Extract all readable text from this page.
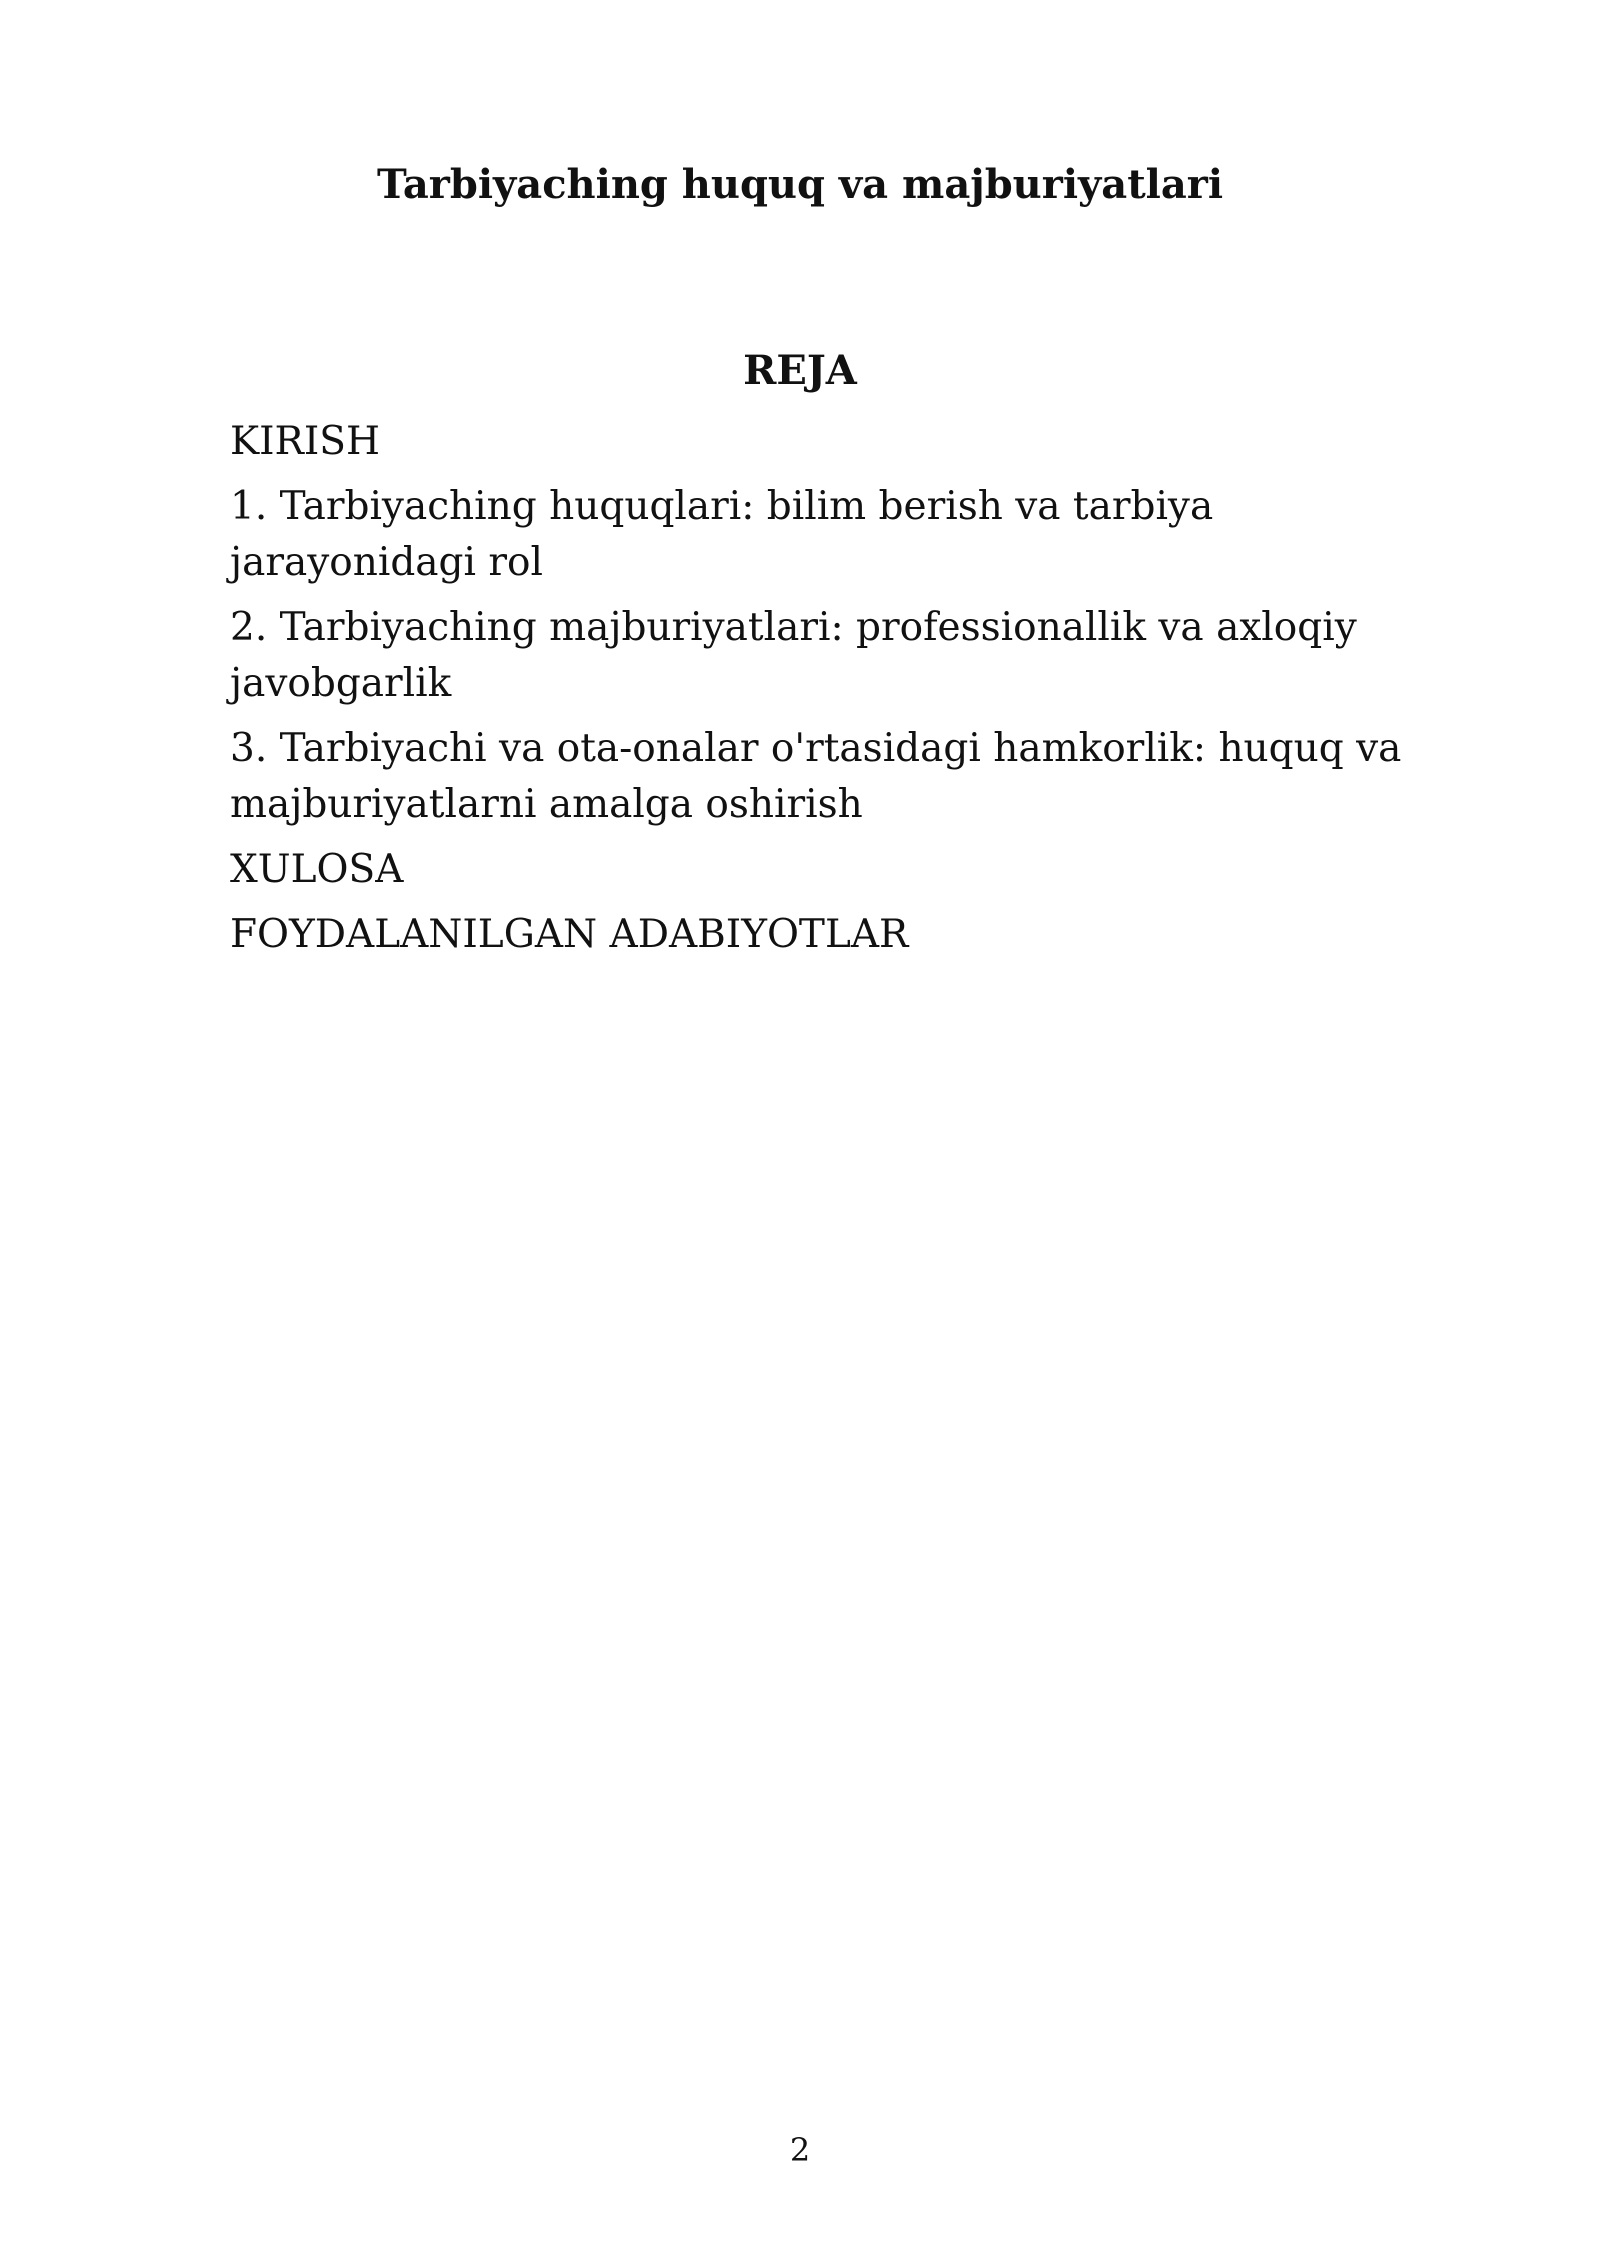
Tarbiyaching huquq va majburiyatlari
REJA
KIRISH
1. Tarbiyaching huquqlari: bilim berish va tarbiya jarayonidagi rol
2. Tarbiyaching majburiyatlari: professionallik va axloqiy javobgarlik
3. Tarbiyachi va ota-onalar o'rtasidagi hamkorlik: huquq va majburiyatlarni amalga oshirish
XULOSA
FOYDALANILGAN ADABIYOTLAR
2
